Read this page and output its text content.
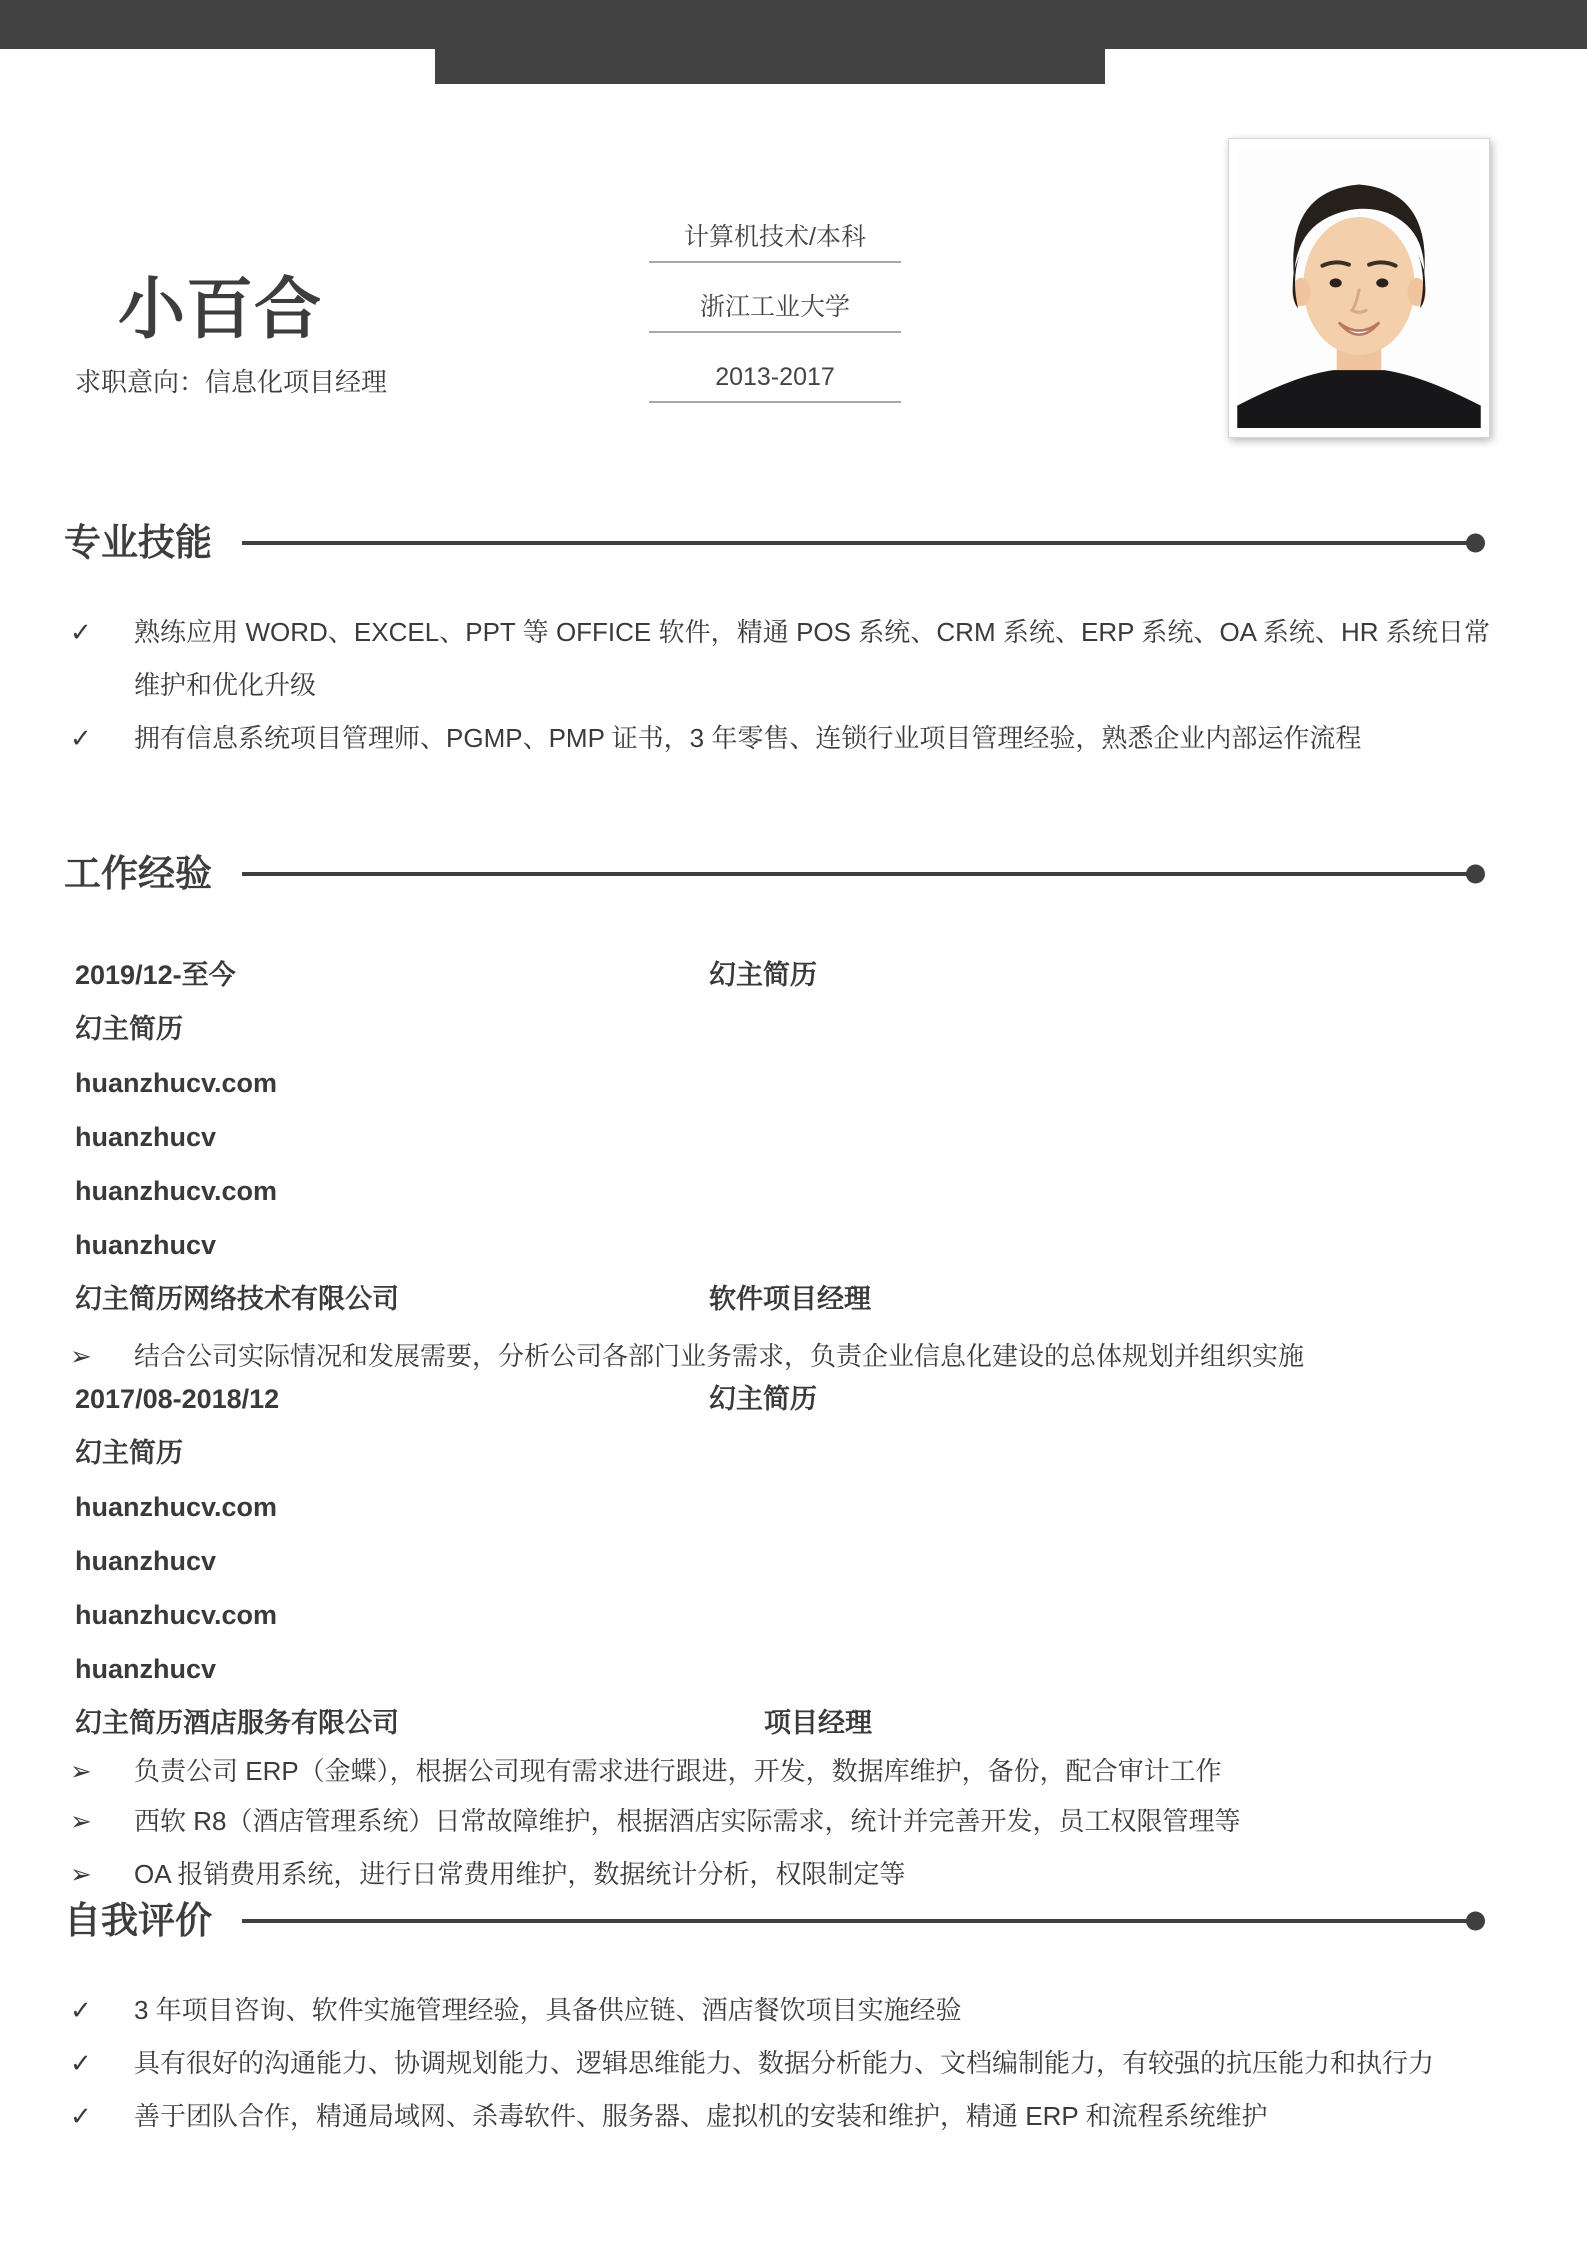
小百合
求职意向：信息化项目经理
计算机技术/本科
浙江工业大学
2013-2017
专业技能
✓ 熟练应用 WORD、EXCEL、PPT 等 OFFICE 软件，精通 POS 系统、CRM 系统、ERP 系统、OA 系统、HR 系统日常维护和优化升级
✓ 拥有信息系统项目管理师、PGMP、PMP 证书，3 年零售、连锁行业项目管理经验，熟悉企业内部运作流程
工作经验
2019/12-至今	幻主简历
幻主简历
huanzhucv.com
huanzhucv
huanzhucv.com
huanzhucv
幻主简历网络技术有限公司	软件项目经理
➢ 结合公司实际情况和发展需要，分析公司各部门业务需求，负责企业信息化建设的总体规划并组织实施
2017/08-2018/12	幻主简历
幻主简历
huanzhucv.com
huanzhucv
huanzhucv.com
huanzhucv
幻主简历酒店服务有限公司	项目经理
➢ 负责公司 ERP（金蝶），根据公司现有需求进行跟进，开发，数据库维护，备份，配合审计工作
➢ 西软 R8（酒店管理系统）日常故障维护，根据酒店实际需求，统计并完善开发，员工权限管理等
➢ OA 报销费用系统，进行日常费用维护，数据统计分析，权限制定等
自我评价
✓ 3 年项目咨询、软件实施管理经验，具备供应链、酒店餐饮项目实施经验
✓ 具有很好的沟通能力、协调规划能力、逻辑思维能力、数据分析能力、文档编制能力，有较强的抗压能力和执行力
✓ 善于团队合作，精通局域网、杀毒软件、服务器、虚拟机的安装和维护，精通 ERP 和流程系统维护
